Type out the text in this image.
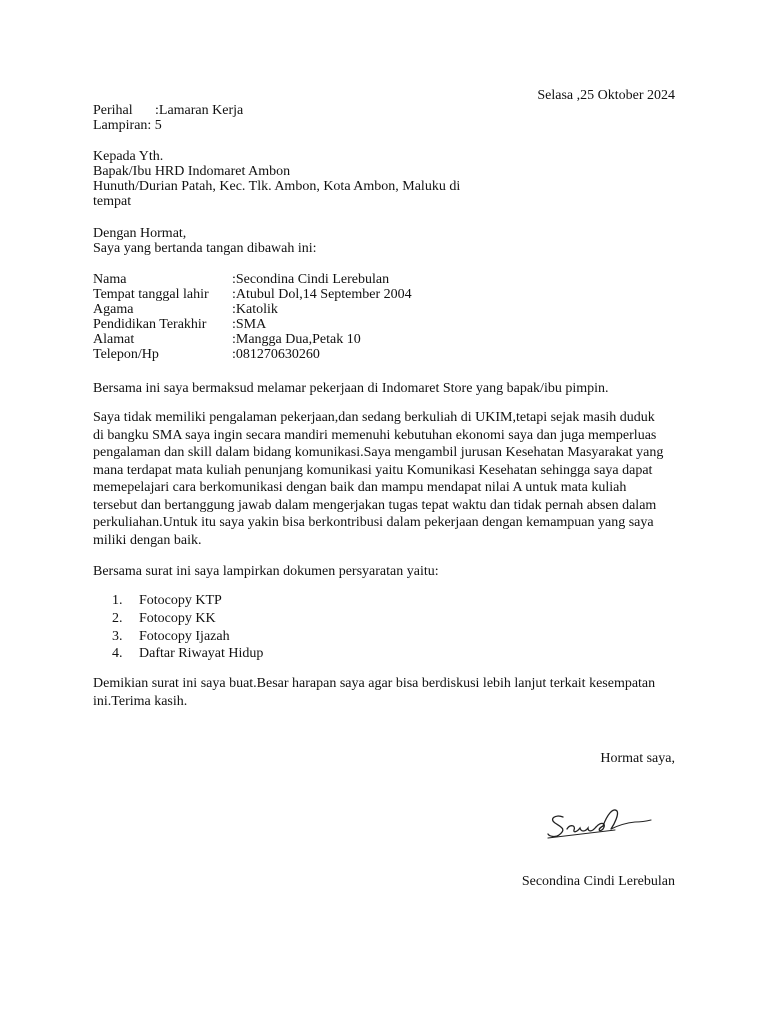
Selasa ,25 Oktober 2024
Perihal :Lamaran Kerja
Lampiran: 5
Kepada Yth.
Bapak/Ibu HRD Indomaret Ambon
Hunuth/Durian Patah, Kec. Tlk. Ambon, Kota Ambon, Maluku di
tempat
Dengan Hormat,
Saya yang bertanda tangan dibawah ini:
Nama	:Secondina Cindi Lerebulan
Tempat tanggal lahir	:Atubul Dol,14 September 2004
Agama	:Katolik
Pendidikan Terakhir	:SMA
Alamat	:Mangga Dua,Petak 10
Telepon/Hp	:081270630260
Bersama ini saya bermaksud melamar pekerjaan di Indomaret Store yang bapak/ibu pimpin.
Saya tidak memiliki pengalaman pekerjaan,dan sedang berkuliah di UKIM,tetapi sejak masih duduk
di bangku SMA saya ingin secara mandiri memenuhi kebutuhan ekonomi saya dan juga memperluas
pengalaman dan skill dalam bidang komunikasi.Saya mengambil jurusan Kesehatan Masyarakat yang
mana terdapat mata kuliah penunjang komunikasi yaitu Komunikasi Kesehatan sehingga saya dapat
memepelajari cara berkomunikasi dengan baik dan mampu mendapat nilai A untuk mata kuliah
tersebut dan bertanggung jawab dalam mengerjakan tugas tepat waktu dan tidak pernah absen dalam
perkuliahan.Untuk itu saya yakin bisa berkontribusi dalam pekerjaan dengan kemampuan yang saya
miliki dengan baik.
Bersama surat ini saya lampirkan dokumen persyaratan yaitu:
1. Fotocopy KTP
2. Fotocopy KK
3. Fotocopy Ijazah
4. Daftar Riwayat Hidup
Demikian surat ini saya buat.Besar harapan saya agar bisa berdiskusi lebih lanjut terkait kesempatan
ini.Terima kasih.
Hormat saya,
Secondina Cindi Lerebulan
